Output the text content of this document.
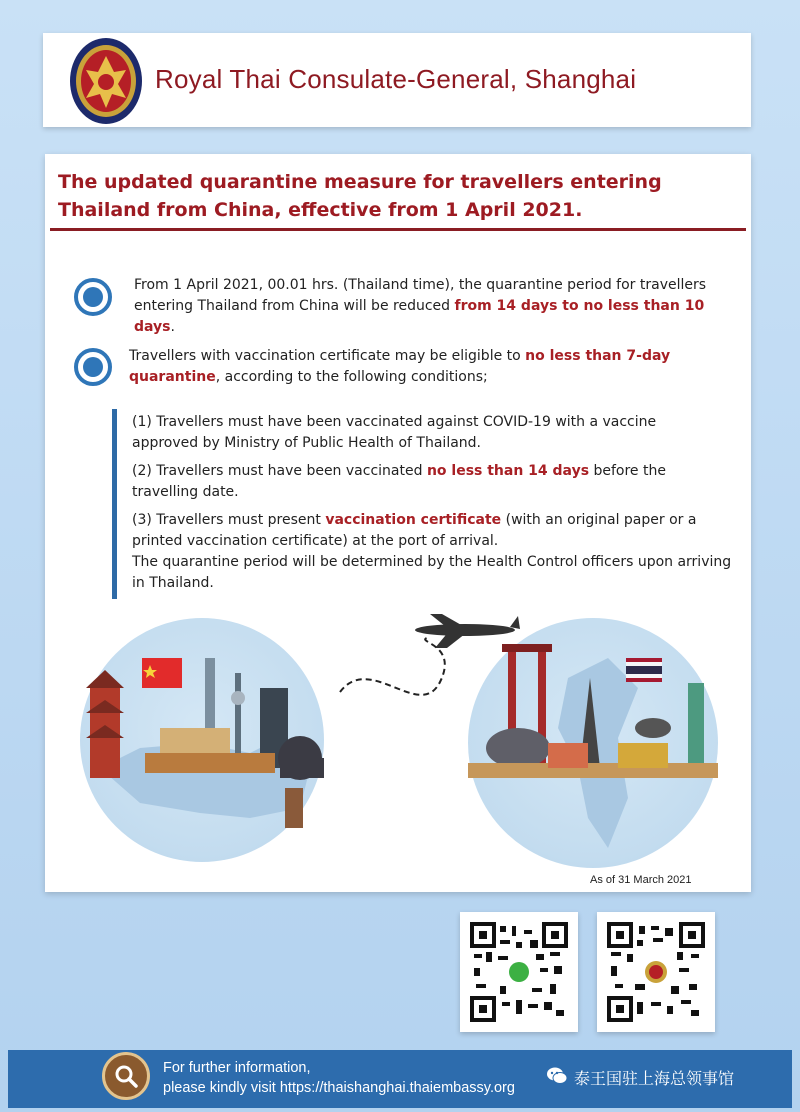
Royal Thai Consulate-General, Shanghai
The updated quarantine measure for travellers entering
Thailand from China, effective from 1 April 2021.
From 1 April 2021, 00.01 hrs. (Thailand time), the quarantine period for travellers entering Thailand from China will be reduced from 14 days to no less than 10 days.
Travellers with vaccination certificate may be eligible to no less than 7-day quarantine, according to the following conditions;
(1) Travellers must have been vaccinated against COVID-19 with a vaccine approved by Ministry of Public Health of Thailand.
(2) Travellers must have been vaccinated no less than 14 days before the travelling date.
(3) Travellers must present vaccination certificate (with an original paper or a printed vaccination certificate) at the port of arrival.
The quarantine period will be determined by the Health Control officers upon arriving in Thailand.
As of 31 March 2021
For further information,
please kindly visit https://thaishanghai.thaiembassy.org	泰王国驻上海总领事馆
